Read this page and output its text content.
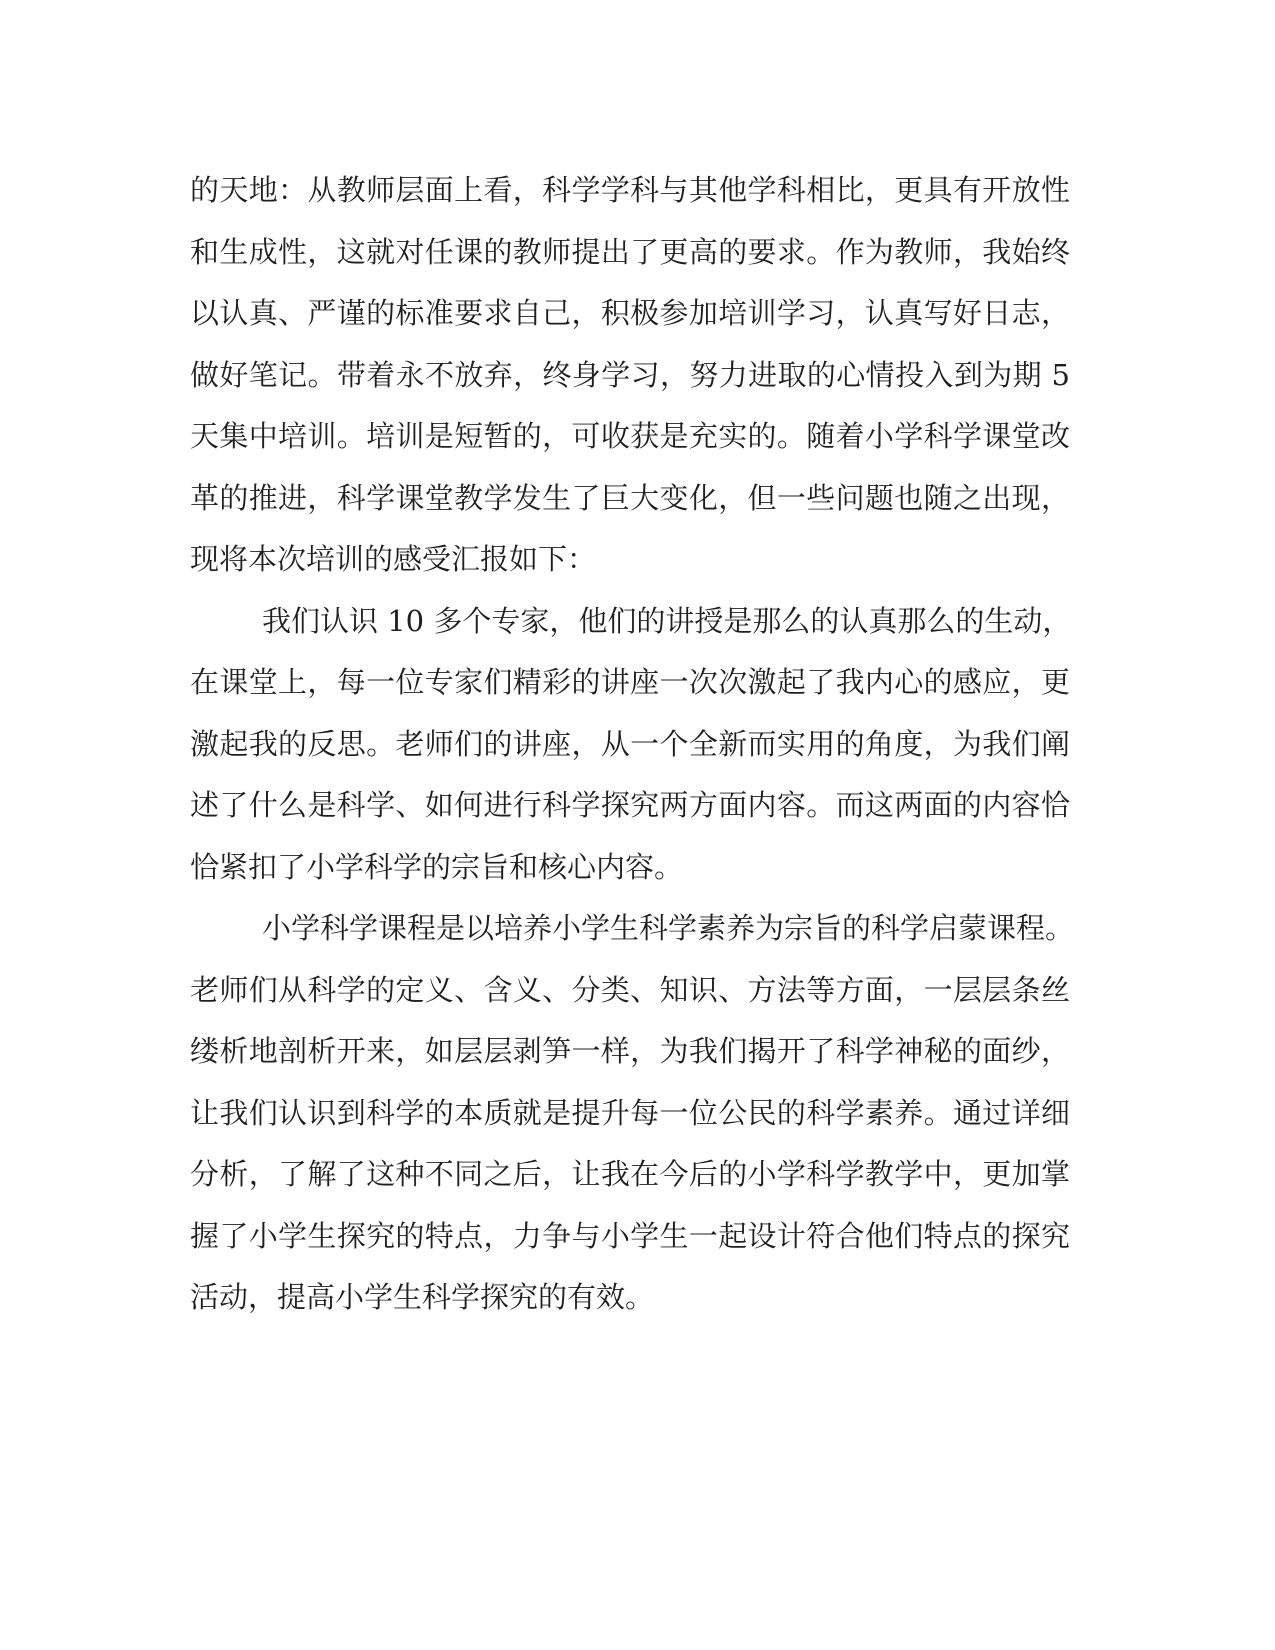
的天地：从教师层面上看，科学学科与其他学科相比，更具有开放性
和生成性，这就对任课的教师提出了更高的要求。作为教师，我始终
以认真、严谨的标准要求自己，积极参加培训学习，认真写好日志，
做好笔记。带着永不放弃，终身学习，努力进取的心情投入到为期 5
天集中培训。培训是短暂的，可收获是充实的。随着小学科学课堂改
革的推进，科学课堂教学发生了巨大变化，但一些问题也随之出现，
现将本次培训的感受汇报如下：
我们认识 10 多个专家，他们的讲授是那么的认真那么的生动，
在课堂上，每一位专家们精彩的讲座一次次激起了我内心的感应，更
激起我的反思。老师们的讲座，从一个全新而实用的角度，为我们阐
述了什么是科学、如何进行科学探究两方面内容。而这两面的内容恰
恰紧扣了小学科学的宗旨和核心内容。
小学科学课程是以培养小学生科学素养为宗旨的科学启蒙课程。
老师们从科学的定义、含义、分类、知识、方法等方面，一层层条丝
缕析地剖析开来，如层层剥笋一样，为我们揭开了科学神秘的面纱，
让我们认识到科学的本质就是提升每一位公民的科学素养。通过详细
分析，了解了这种不同之后，让我在今后的小学科学教学中，更加掌
握了小学生探究的特点，力争与小学生一起设计符合他们特点的探究
活动，提高小学生科学探究的有效。
